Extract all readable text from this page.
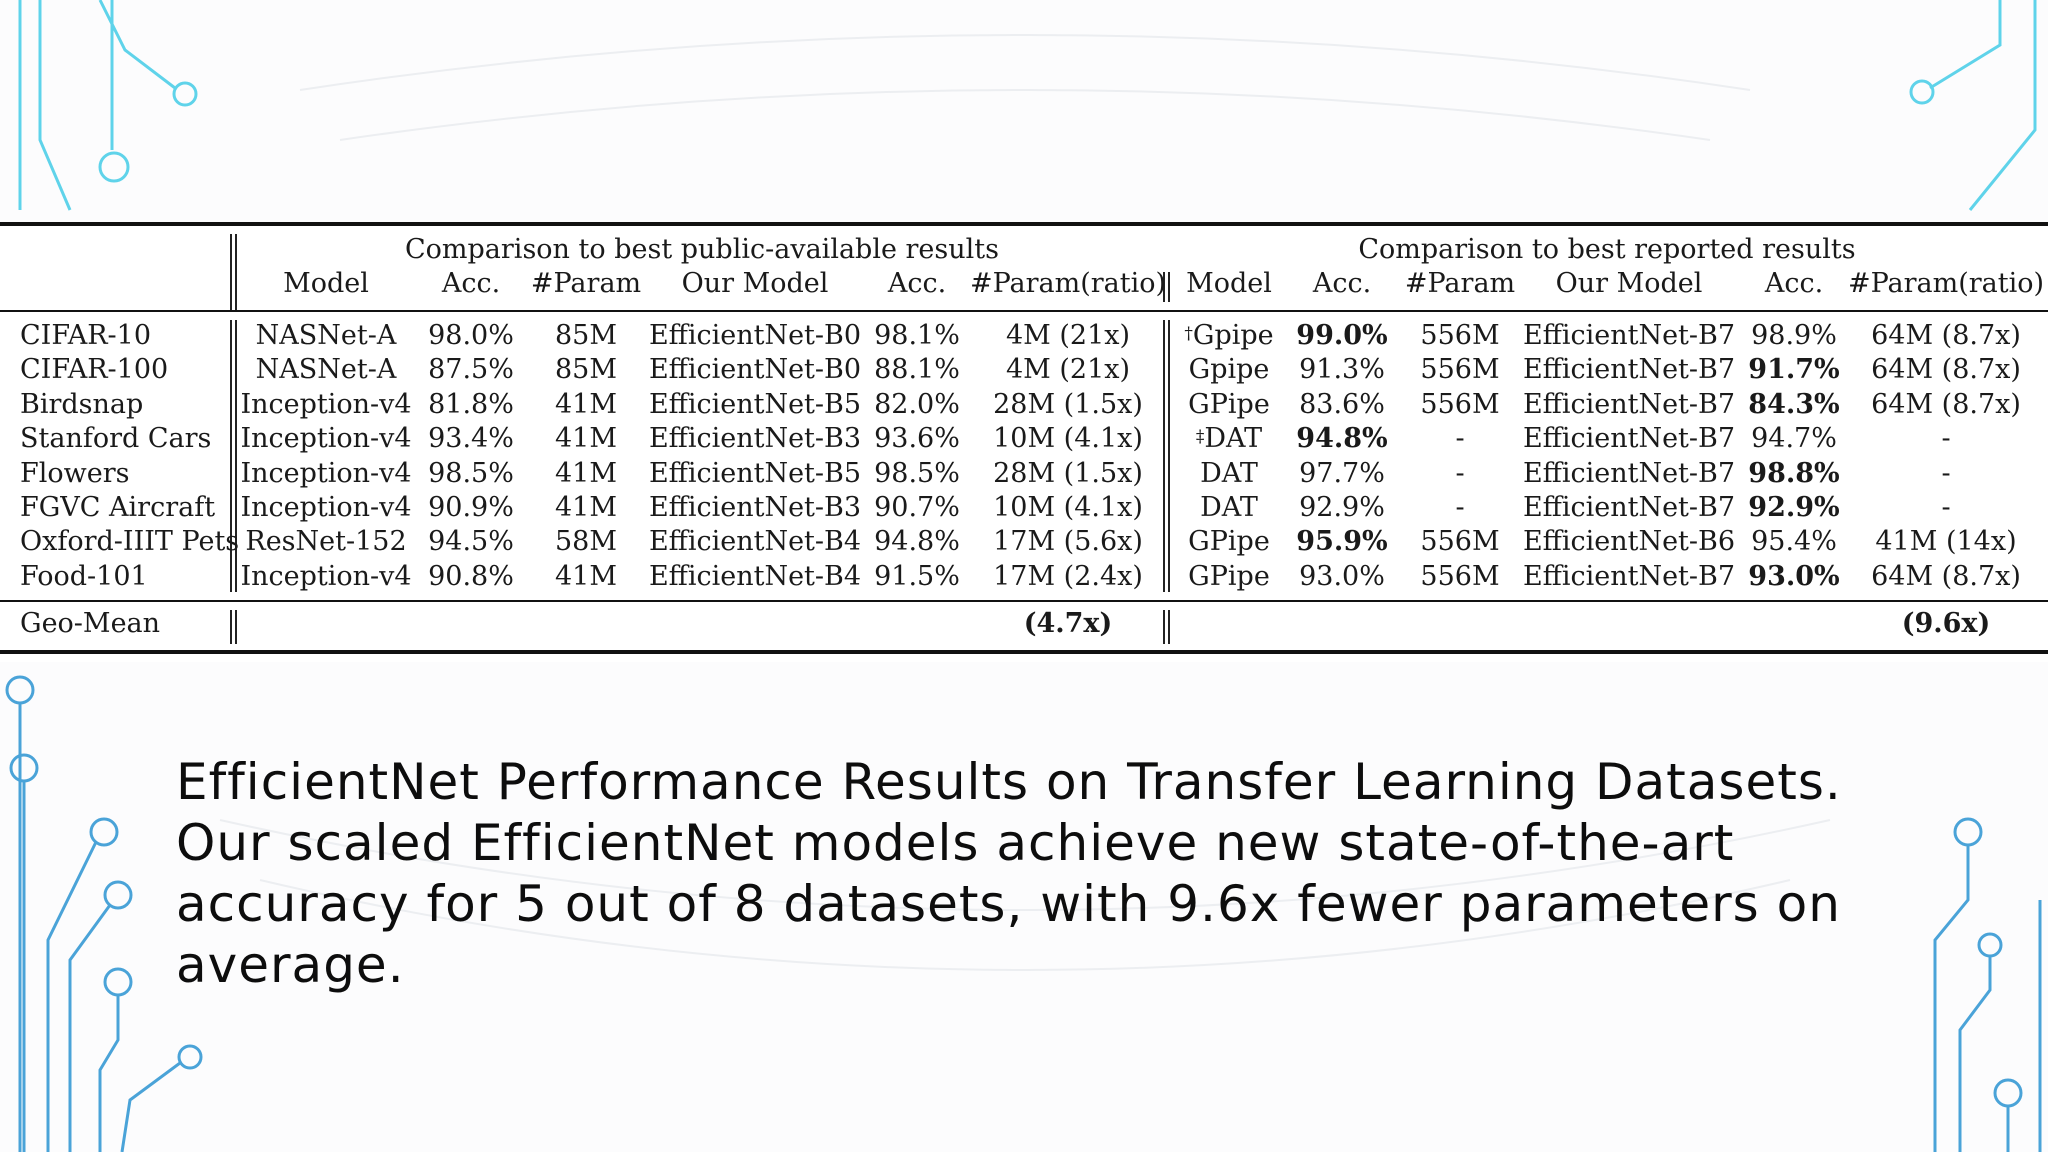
Comparison to best public-available results	Comparison to best reported results
Model	Acc. #Param Our Model Acc. #Param(ratio) Model Acc. #Param Our Model Acc. #Param(ratio)
CIFAR-10	NASNet-A 98.0% 85M EfficientNet-B0 98.1% 4M (21x)	†Gpipe 99.0% 556M EfficientNet-B7 98.9% 64M (8.7x)
CIFAR-100	NASNet-A 87.5% 85M EfficientNet-B0 88.1% 4M (21x) Gpipe 91.3% 556M EfficientNet-B7 91.7% 64M (8.7x)
Birdsnap	Inception-v4 81.8% 41M EfficientNet-B5 82.0% 28M (1.5x) GPipe 83.6% 556M EfficientNet-B7 84.3% 64M (8.7x)
Stanford Cars Inception-v4 93.4% 41M EfficientNet-B3 93.6% 10M (4.1x)	‡DAT 94.8%	- EfficientNet-B7 94.7%	-
Flowers	Inception-v4 98.5% 41M EfficientNet-B5 98.5% 28M (1.5x) DAT 97.7%	- EfficientNet-B7 98.8%	-
FGVC Aircraft Inception-v4 90.9% 41M EfficientNet-B3 90.7% 10M (4.1x) DAT 92.9%	- EfficientNet-B7 92.9%	-
Oxford-IIIT Pets ResNet-152 94.5% 58M EfficientNet-B4 94.8% 17M (5.6x) GPipe 95.9% 556M EfficientNet-B6 95.4% 41M (14x)
Food-101	Inception-v4 90.8% 41M EfficientNet-B4 91.5% 17M (2.4x) GPipe 93.0% 556M EfficientNet-B7 93.0% 64M (8.7x)
Geo-Mean	(4.7x)	(9.6x)

EfficientNet Performance Results on Transfer Learning Datasets. Our scaled EfficientNet models achieve new state-of-the-art accuracy for 5 out of 8 datasets, with 9.6x fewer parameters on average.
